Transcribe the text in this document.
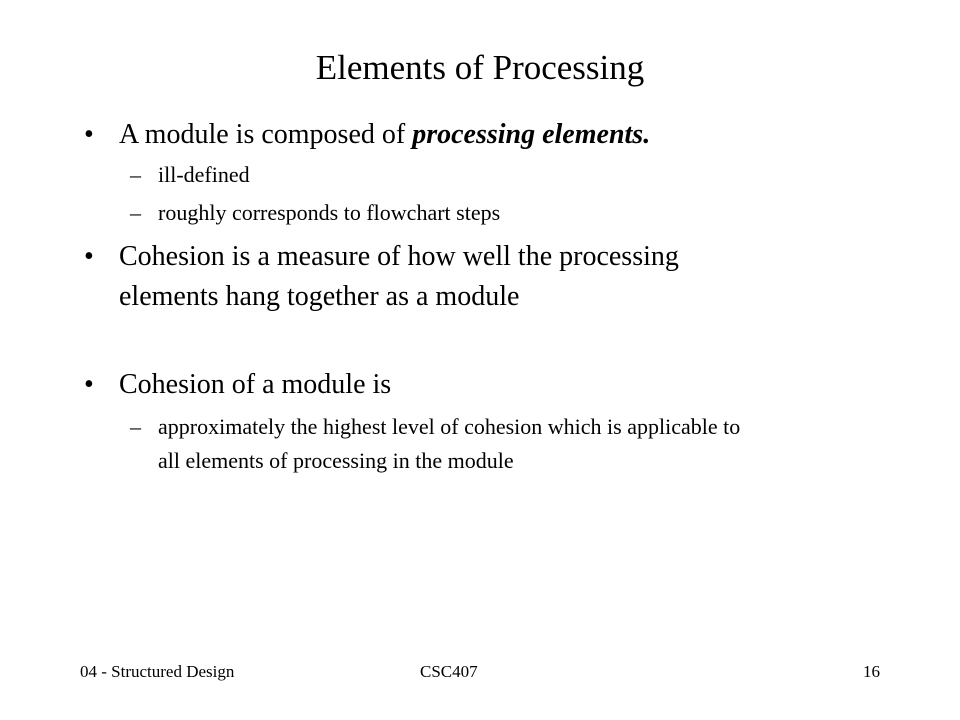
Elements of Processing
• A module is composed of processing elements.
– ill-defined
– roughly corresponds to flowchart steps
• Cohesion is a measure of how well the processing
elements hang together as a module
• Cohesion of a module is
– approximately the highest level of cohesion which is applicable to
all elements of processing in the module
04 - Structured Design	CSC407	16
